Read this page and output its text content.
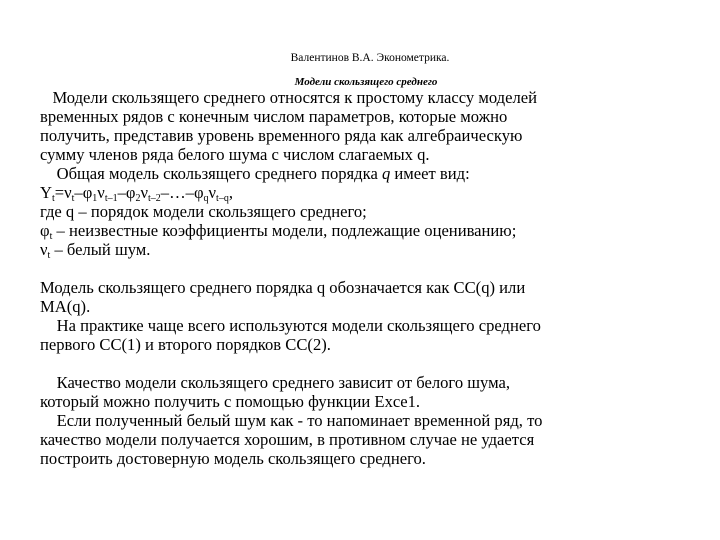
Валентинов В.А. Эконометрика.
Модели скользящего среднего
Модели скользящего среднего относятся к простому классу моделей
временных рядов с конечным числом параметров, которые можно
получить, представив уровень временного ряда как алгебраическую
сумму членов ряда белого шума с числом слагаемых q.
Общая модель скользящего среднего порядка q имеет вид:
$Y_t=\nu_t-\varphi_1\nu_{t-1}-\varphi_2\nu_{t-2}-\dots-\varphi_q\nu_{t-q}$,
где q – порядок модели скользящего среднего;
$\varphi_t$ – неизвестные коэффициенты модели, подлежащие оцениванию;
$\nu_t$ – белый шум.
Модель скользящего среднего порядка q обозначается как СС(q) или
МА(q).
На практике чаще всего используются модели скользящего среднего
первого СС(1) и второго порядков СС(2).
Качество модели скользящего среднего зависит от белого шума,
который можно получить с помощью функции Exce1.
Если полученный белый шум как - то напоминает временной ряд, то
качество модели получается хорошим, в противном случае не удается
построить достоверную модель скользящего среднего.
